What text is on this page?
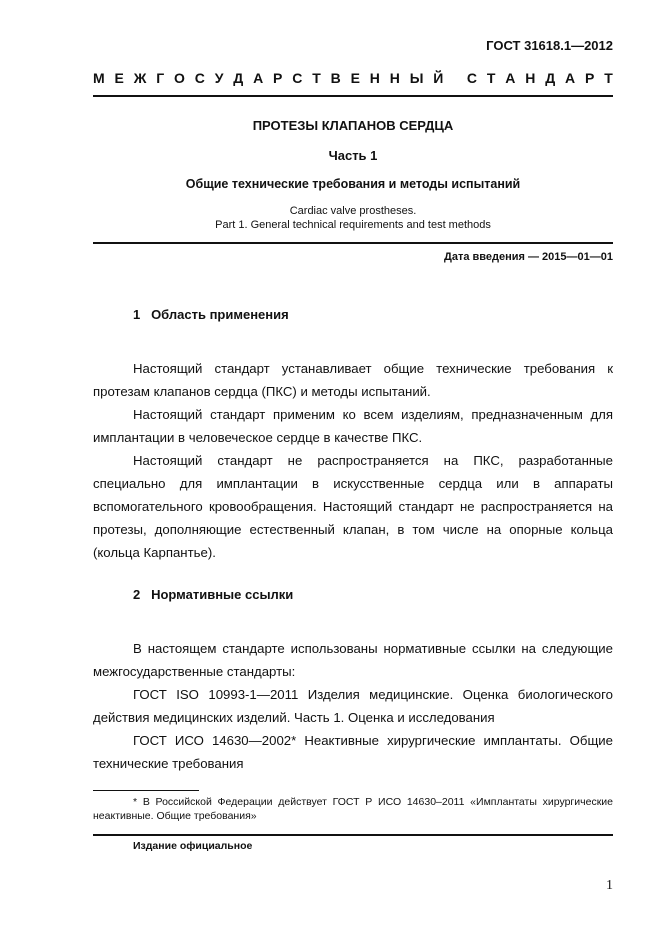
ГОСТ 31618.1—2012
М Е Ж Г О С У Д А Р С Т В Е Н Н Ы Й
С Т А Н Д А Р Т
ПРОТЕЗЫ КЛАПАНОВ СЕРДЦА
Часть 1
Общие технические требования и методы испытаний
Cardiac valve prostheses.
Part 1. General technical requirements and test methods
Дата введения — 2015—01—01
1   Область применения

Настоящий стандарт устанавливает общие технические требования к протезам клапанов сердца (ПКС) и методы испытаний.

Настоящий стандарт применим ко всем изделиям, предназначенным для имплантации в человеческое сердце в качестве ПКС.

Настоящий стандарт не распространяется на ПКС, разработанные специально для имплантации в искусственные сердца или в аппараты вспомогательного кровообращения. Настоящий стандарт не распространяется на протезы, дополняющие естественный клапан, в том числе на опорные кольца (кольца Карпантье).

2   Нормативные ссылки

В настоящем стандарте использованы нормативные ссылки на следующие межгосударственные стандарты:

ГОСТ ISO 10993-1—2011 Изделия медицинские. Оценка биологического действия медицинских изделий. Часть 1. Оценка и исследования

ГОСТ ИСО 14630—2002* Неактивные хирургические имплантаты. Общие технические требования

* В Российской Федерации действует ГОСТ Р ИСО 14630–2011 «Имплантаты хирургические неактивные. Общие требования»

Издание официальное
1
